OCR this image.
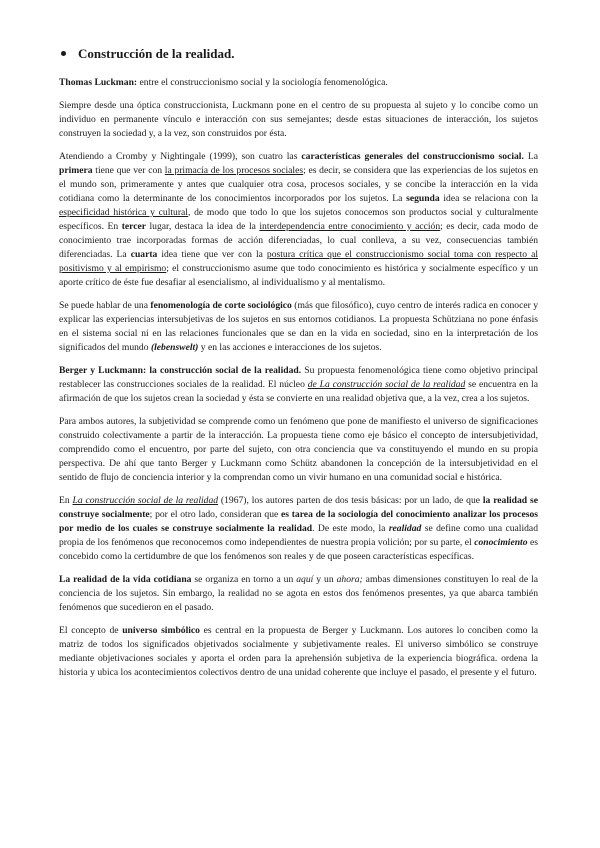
Construcción de la realidad.

Thomas Luckman: entre el construccionismo social y la sociología fenomenológica.

Siempre desde una óptica construccionista, Luckmann pone en el centro de su propuesta al sujeto y lo concibe como un individuo en permanente vínculo e interacción con sus semejantes; desde estas situaciones de interacción, los sujetos construyen la sociedad y, a la vez, son construidos por ésta.

Atendiendo a Cromby y Nightingale (1999), son cuatro las características generales del construccionismo social. La primera tiene que ver con la primacía de los procesos sociales; es decir, se considera que las experiencias de los sujetos en el mundo son, primeramente y antes que cualquier otra cosa, procesos sociales, y se concibe la interacción en la vida cotidiana como la determinante de los conocimientos incorporados por los sujetos. La segunda idea se relaciona con la especificidad histórica y cultural, de modo que todo lo que los sujetos conocemos son productos social y culturalmente específicos. En tercer lugar, destaca la idea de la interdependencia entre conocimiento y acción; es decir, cada modo de conocimiento trae incorporadas formas de acción diferenciadas, lo cual conlleva, a su vez, consecuencias también diferenciadas. La cuarta idea tiene que ver con la postura crítica que el construccionismo social toma con respecto al positivismo y al empirismo; el construccionismo asume que todo conocimiento es histórica y socialmente específico y un aporte crítico de éste fue desafiar al esencialismo, al individualismo y al mentalismo.

Se puede hablar de una fenomenología de corte sociológico (más que filosófico), cuyo centro de interés radica en conocer y explicar las experiencias intersubjetivas de los sujetos en sus entornos cotidianos. La propuesta Schütziana no pone énfasis en el sistema social ni en las relaciones funcionales que se dan en la vida en sociedad, sino en la interpretación de los significados del mundo (lebenswelt) y en las acciones e interacciones de los sujetos.

Berger y Luckmann: la construcción social de la realidad. Su propuesta fenomenológica tiene como objetivo principal restablecer las construcciones sociales de la realidad. El núcleo de La construcción social de la realidad se encuentra en la afirmación de que los sujetos crean la sociedad y ésta se convierte en una realidad objetiva que, a la vez, crea a los sujetos.

Para ambos autores, la subjetividad se comprende como un fenómeno que pone de manifiesto el universo de significaciones construido colectivamente a partir de la interacción. La propuesta tiene como eje básico el concepto de intersubjetividad, comprendido como el encuentro, por parte del sujeto, con otra conciencia que va constituyendo el mundo en su propia perspectiva. De ahí que tanto Berger y Luckmann como Schütz abandonen la concepción de la intersubjetividad en el sentido de flujo de conciencia interior y la comprendan como un vivir humano en una comunidad social e histórica.

En La construcción social de la realidad (1967), los autores parten de dos tesis básicas: por un lado, de que la realidad se construye socialmente; por el otro lado, consideran que es tarea de la sociología del conocimiento analizar los procesos por medio de los cuales se construye socialmente la realidad. De este modo, la realidad se define como una cualidad propia de los fenómenos que reconocemos como independientes de nuestra propia volición; por su parte, el conocimiento es concebido como la certidumbre de que los fenómenos son reales y de que poseen características específicas.

La realidad de la vida cotidiana se organiza en torno a un aquí y un ahora; ambas dimensiones constituyen lo real de la conciencia de los sujetos. Sin embargo, la realidad no se agota en estos dos fenómenos presentes, ya que abarca también fenómenos que sucedieron en el pasado.

El concepto de universo simbólico es central en la propuesta de Berger y Luckmann. Los autores lo conciben como la matriz de todos los significados objetivados socialmente y subjetivamente reales. El universo simbólico se construye mediante objetivaciones sociales y aporta el orden para la aprehensión subjetiva de la experiencia biográfica. ordena la historia y ubica los acontecimientos colectivos dentro de una unidad coherente que incluye el pasado, el presente y el futuro.
